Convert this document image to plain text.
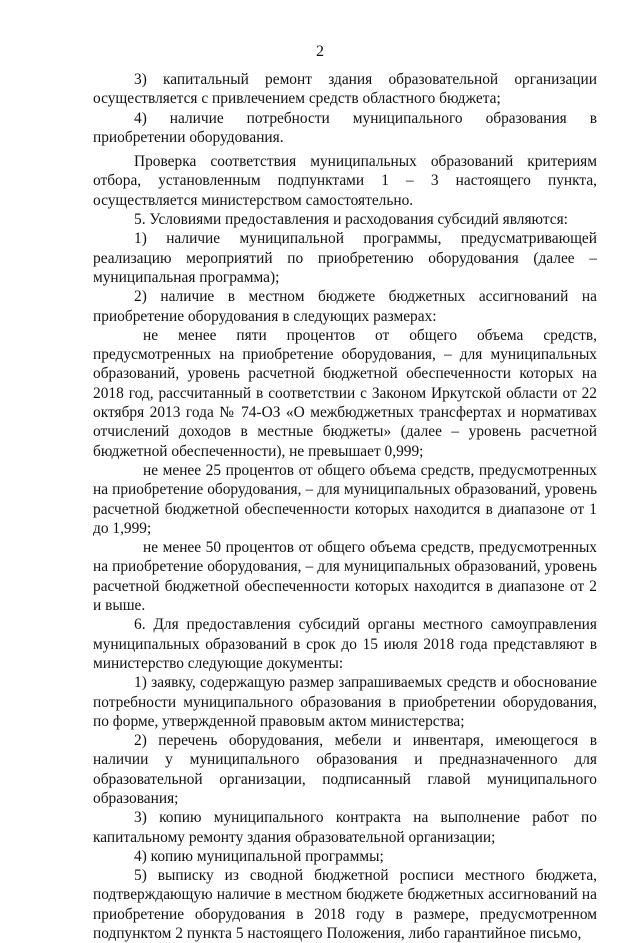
2

3) капитальный ремонт здания образовательной организации осуществляется с привлечением средств областного бюджета;

4) наличие потребности муниципального образования в приобретении оборудования.

Проверка соответствия муниципальных образований критериям отбора, установленным подпунктами 1 – 3 настоящего пункта, осуществляется министерством самостоятельно.

5. Условиями предоставления и расходования субсидий являются:

1) наличие муниципальной программы, предусматривающей реализацию мероприятий по приобретению оборудования (далее – муниципальная программа);

2) наличие в местном бюджете бюджетных ассигнований на приобретение оборудования в следующих размерах:

не менее пяти процентов от общего объема средств, предусмотренных на приобретение оборудования, – для муниципальных образований, уровень расчетной бюджетной обеспеченности которых на 2018 год, рассчитанный в соответствии с Законом Иркутской области от 22 октября 2013 года № 74-ОЗ «О межбюджетных трансфертах и нормативах отчислений доходов в местные бюджеты» (далее – уровень расчетной бюджетной обеспеченности), не превышает 0,999;

не менее 25 процентов от общего объема средств, предусмотренных на приобретение оборудования, – для муниципальных образований, уровень расчетной бюджетной обеспеченности которых находится в диапазоне от 1 до 1,999;

не менее 50 процентов от общего объема средств, предусмотренных на приобретение оборудования, – для муниципальных образований, уровень расчетной бюджетной обеспеченности которых находится в диапазоне от 2 и выше.

6. Для предоставления субсидий органы местного самоуправления муниципальных образований в срок до 15 июля 2018 года представляют в министерство следующие документы:

1) заявку, содержащую размер запрашиваемых средств и обоснование потребности муниципального образования в приобретении оборудования, по форме, утвержденной правовым актом министерства;

2) перечень оборудования, мебели и инвентаря, имеющегося в наличии у муниципального образования и предназначенного для образовательной организации, подписанный главой муниципального образования;

3) копию муниципального контракта на выполнение работ по капитальному ремонту здания образовательной организации;

4) копию муниципальной программы;

5) выписку из сводной бюджетной росписи местного бюджета, подтверждающую наличие в местном бюджете бюджетных ассигнований на приобретение оборудования в 2018 году в размере, предусмотренном подпунктом 2 пункта 5 настоящего Положения, либо гарантийное письмо,
